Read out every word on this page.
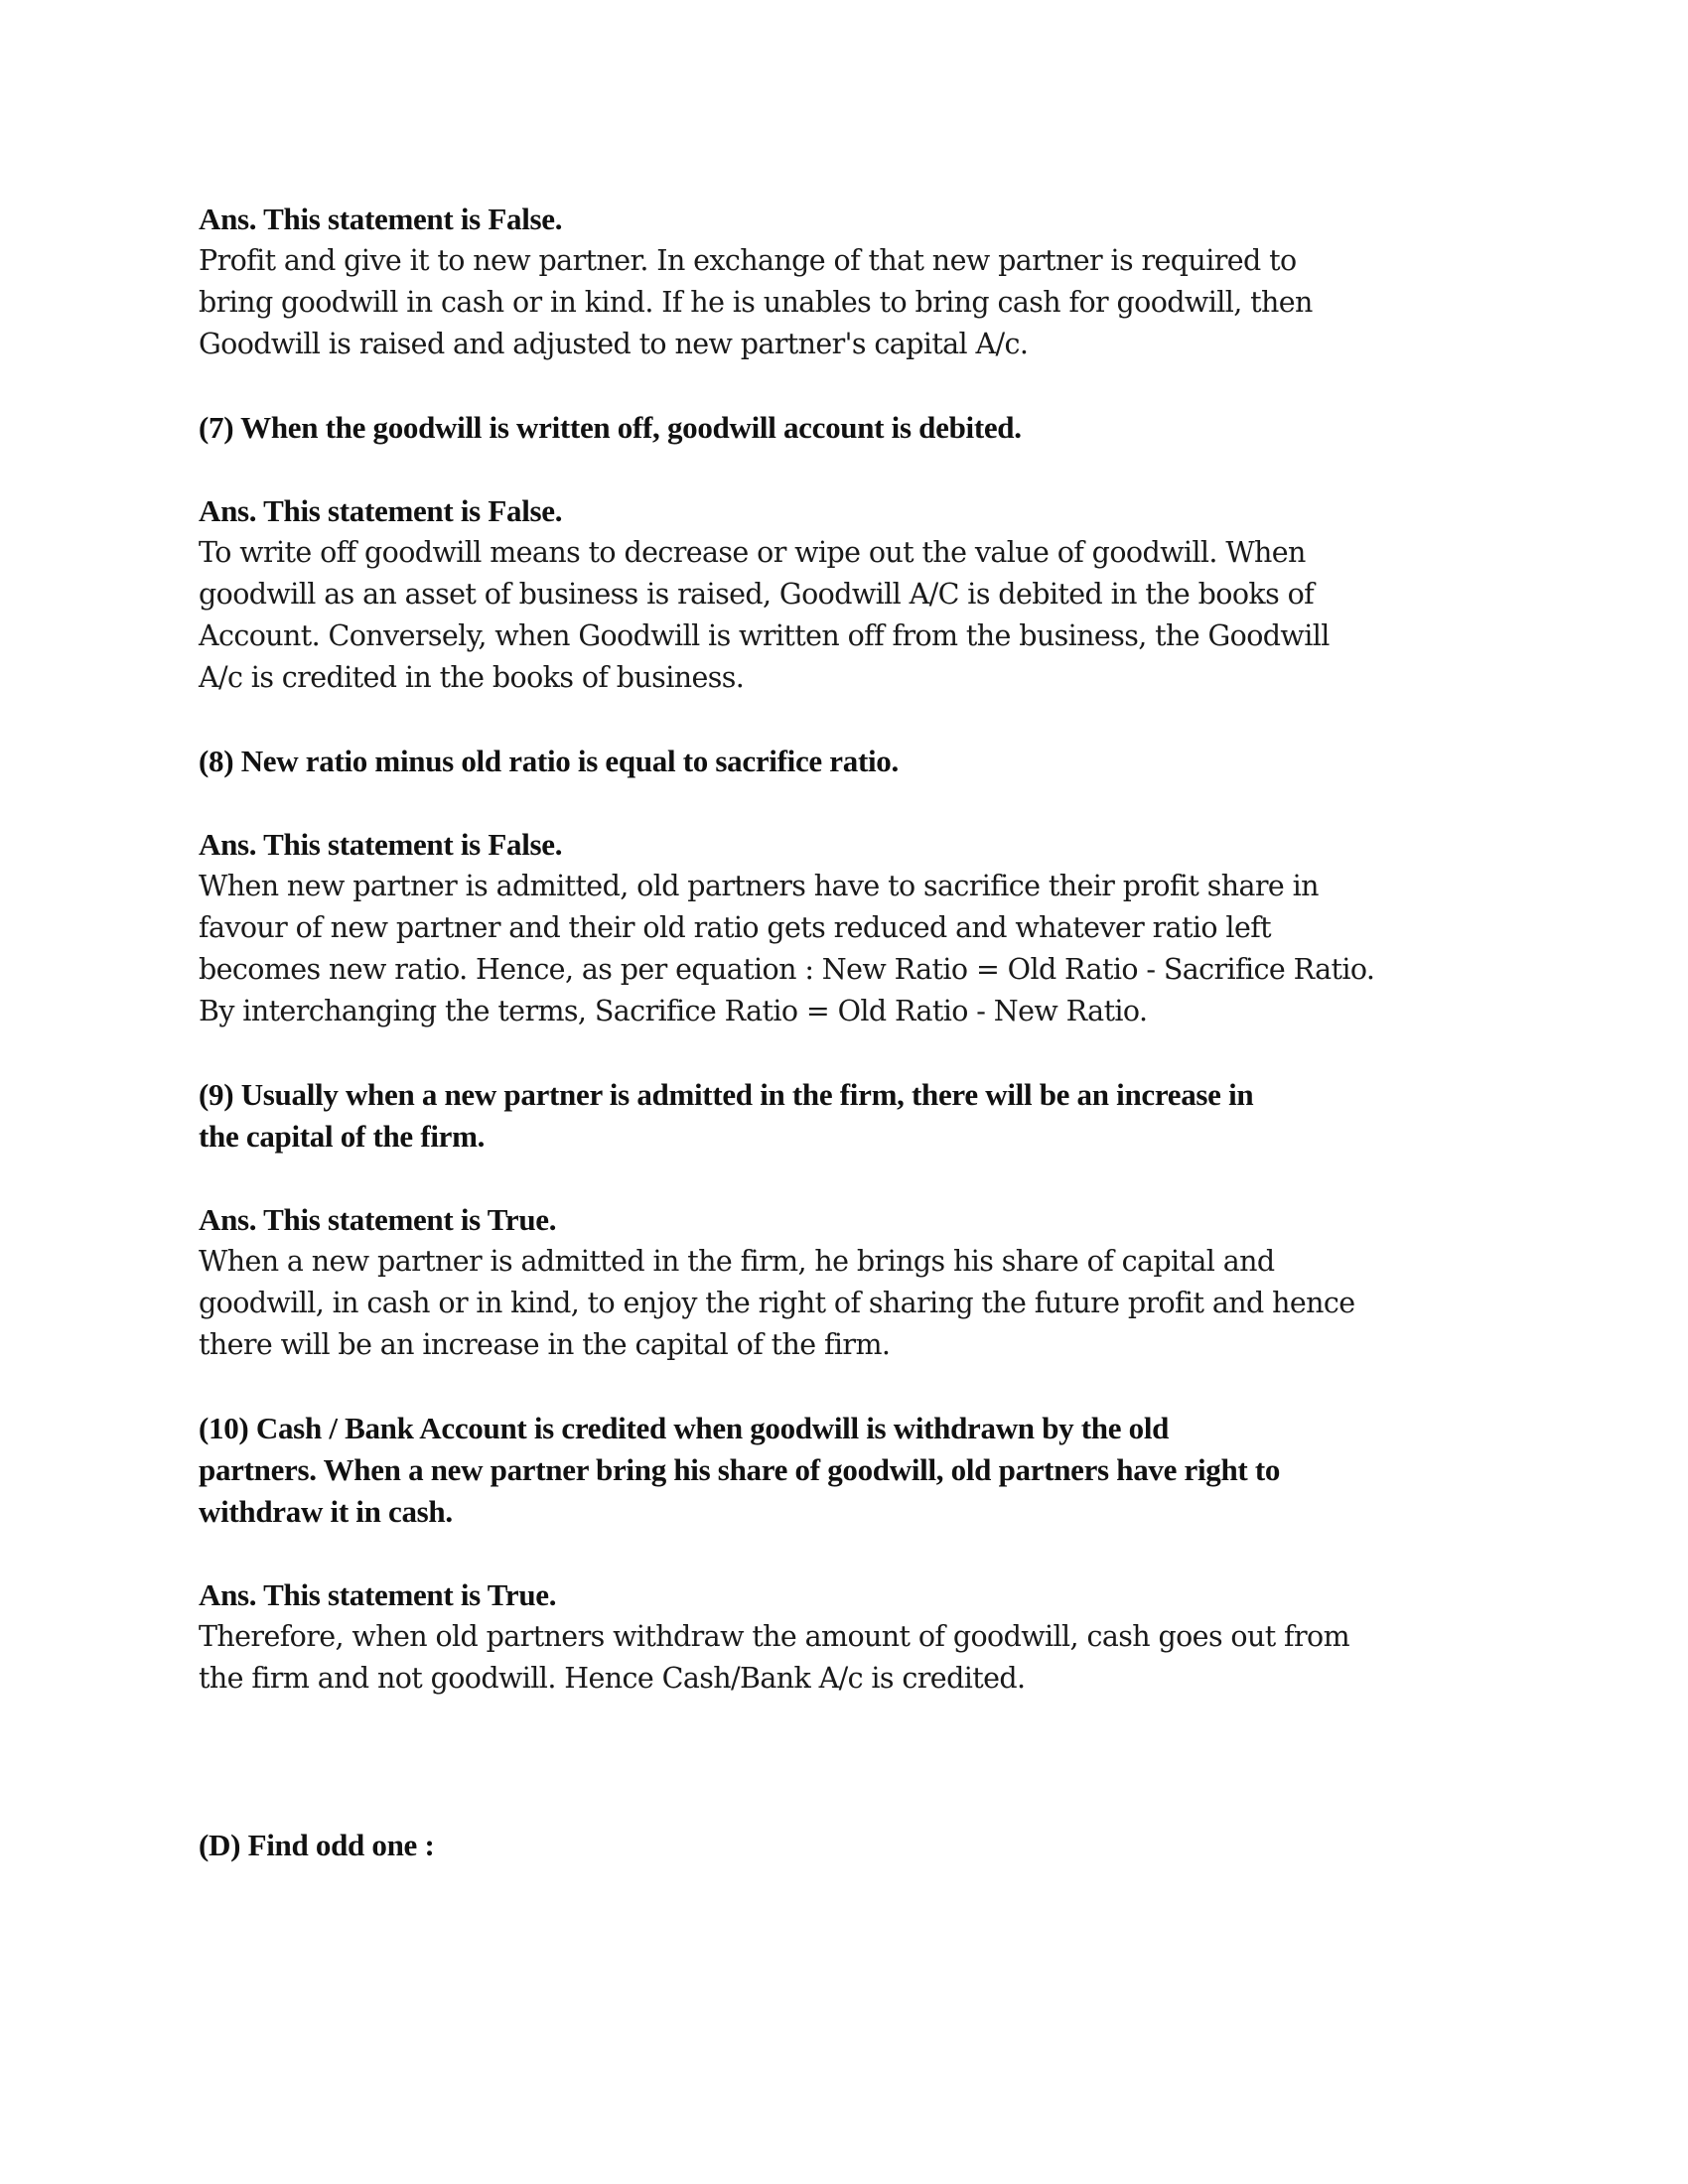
Ans. This statement is False.

Profit and give it to new partner. In exchange of that new partner is required to

bring goodwill in cash or in kind. If he is unables to bring cash for goodwill, then

Goodwill is raised and adjusted to new partner's capital A/c.

(7) When the goodwill is written off, goodwill account is debited.

Ans. This statement is False.

To write off goodwill means to decrease or wipe out the value of goodwill. When

goodwill as an asset of business is raised, Goodwill A/C is debited in the books of

Account. Conversely, when Goodwill is written off from the business, the Goodwill

A/c is credited in the books of business.

(8) New ratio minus old ratio is equal to sacrifice ratio.

Ans. This statement is False.

When new partner is admitted, old partners have to sacrifice their profit share in

favour of new partner and their old ratio gets reduced and whatever ratio left

becomes new ratio. Hence, as per equation : New Ratio = Old Ratio - Sacrifice Ratio.

By interchanging the terms, Sacrifice Ratio = Old Ratio - New Ratio.

(9) Usually when a new partner is admitted in the firm, there will be an increase in

the capital of the firm.

Ans. This statement is True.

When a new partner is admitted in the firm, he brings his share of capital and

goodwill, in cash or in kind, to enjoy the right of sharing the future profit and hence

there will be an increase in the capital of the firm.

(10) Cash / Bank Account is credited when goodwill is withdrawn by the old

partners. When a new partner bring his share of goodwill, old partners have right to

withdraw it in cash.

Ans. This statement is True.

Therefore, when old partners withdraw the amount of goodwill, cash goes out from

the firm and not goodwill. Hence Cash/Bank A/c is credited.

(D) Find odd one :
